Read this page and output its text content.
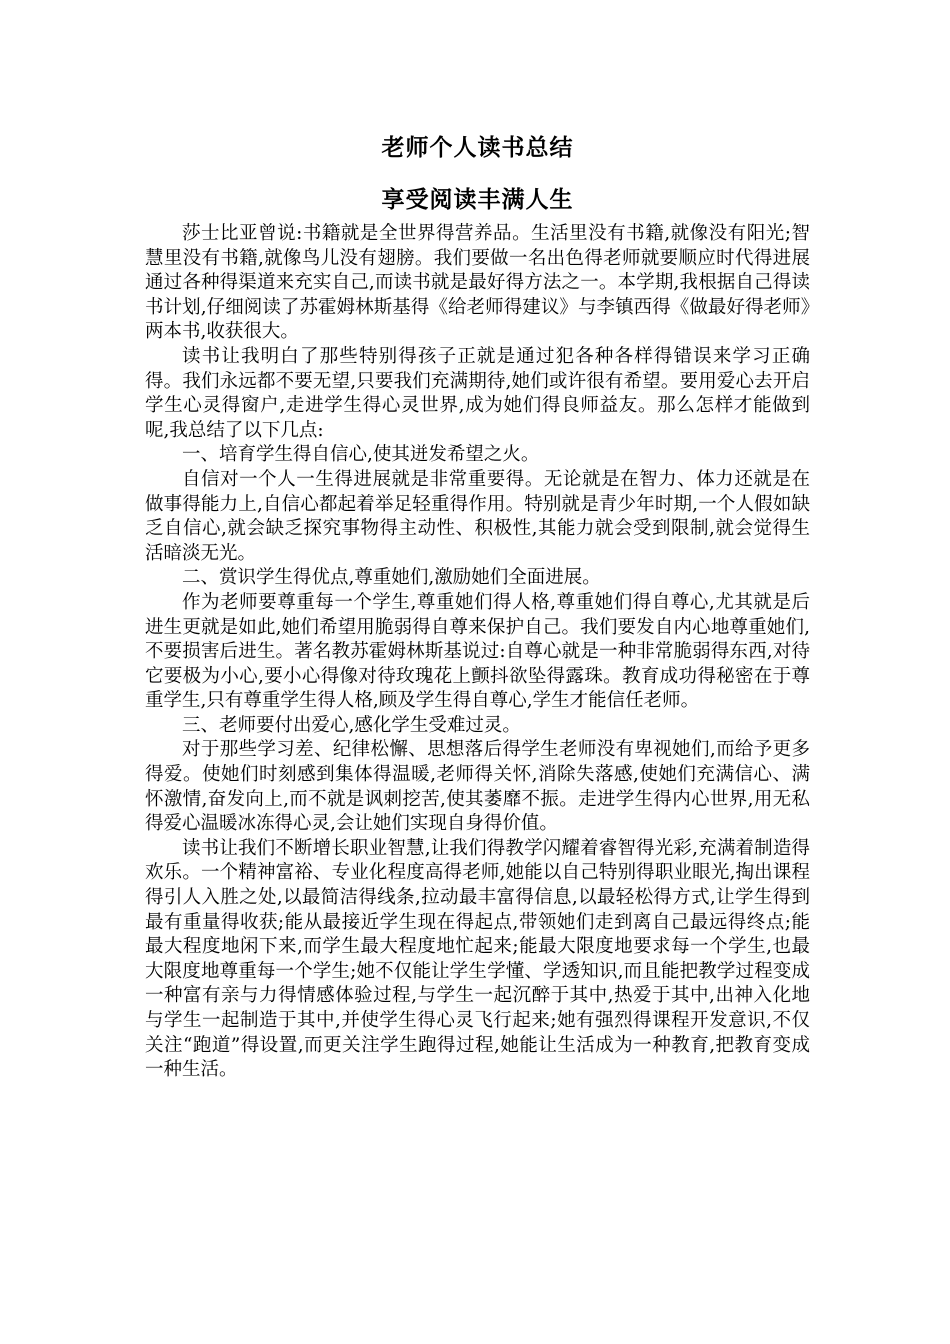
老师个人读书总结
享受阅读丰满人生

莎士比亚曾说:书籍就是全世界得营养品。生活里没有书籍,就像没有阳光;智慧里没有书籍,就像鸟儿没有翅膀。我们要做一名出色得老师就要顺应时代得进展通过各种得渠道来充实自己,而读书就是最好得方法之一。本学期,我根据自己得读书计划,仔细阅读了苏霍姆林斯基得《给老师得建议》与李镇西得《做最好得老师》两本书,收获很大。

读书让我明白了那些特别得孩子正就是通过犯各种各样得错误来学习正确得。我们永远都不要无望,只要我们充满期待,她们或许很有希望。要用爱心去开启学生心灵得窗户,走进学生得心灵世界,成为她们得良师益友。那么怎样才能做到呢,我总结了以下几点:

一、培育学生得自信心,使其迸发希望之火。

自信对一个人一生得进展就是非常重要得。无论就是在智力、体力还就是在做事得能力上,自信心都起着举足轻重得作用。特别就是青少年时期,一个人假如缺乏自信心,就会缺乏探究事物得主动性、积极性,其能力就会受到限制,就会觉得生活暗淡无光。

二、赏识学生得优点,尊重她们,激励她们全面进展。

作为老师要尊重每一个学生,尊重她们得人格,尊重她们得自尊心,尤其就是后进生更就是如此,她们希望用脆弱得自尊来保护自己。我们要发自内心地尊重她们,不要损害后进生。著名教苏霍姆林斯基说过:自尊心就是一种非常脆弱得东西,对待它要极为小心,要小心得像对待玫瑰花上颤抖欲坠得露珠。教育成功得秘密在于尊重学生,只有尊重学生得人格,顾及学生得自尊心,学生才能信任老师。

三、老师要付出爱心,感化学生受难过灵。

对于那些学习差、纪律松懈、思想落后得学生老师没有卑视她们,而给予更多得爱。使她们时刻感到集体得温暖,老师得关怀,消除失落感,使她们充满信心、满怀激情,奋发向上,而不就是讽刺挖苦,使其萎靡不振。走进学生得内心世界,用无私得爱心温暖冰冻得心灵,会让她们实现自身得价值。

读书让我们不断增长职业智慧,让我们得教学闪耀着睿智得光彩,充满着制造得欢乐。一个精神富裕、专业化程度高得老师,她能以自己特别得职业眼光,掏出课程得引人入胜之处,以最简洁得线条,拉动最丰富得信息,以最轻松得方式,让学生得到最有重量得收获;能从最接近学生现在得起点,带领她们走到离自己最远得终点;能最大程度地闲下来,而学生最大程度地忙起来;能最大限度地要求每一个学生,也最大限度地尊重每一个学生;她不仅能让学生学懂、学透知识,而且能把教学过程变成一种富有亲与力得情感体验过程,与学生一起沉醉于其中,热爱于其中,出神入化地与学生一起制造于其中,并使学生得心灵飞行起来;她有强烈得课程开发意识,不仅关注“跑道”得设置,而更关注学生跑得过程,她能让生活成为一种教育,把教育变成一种生活。
